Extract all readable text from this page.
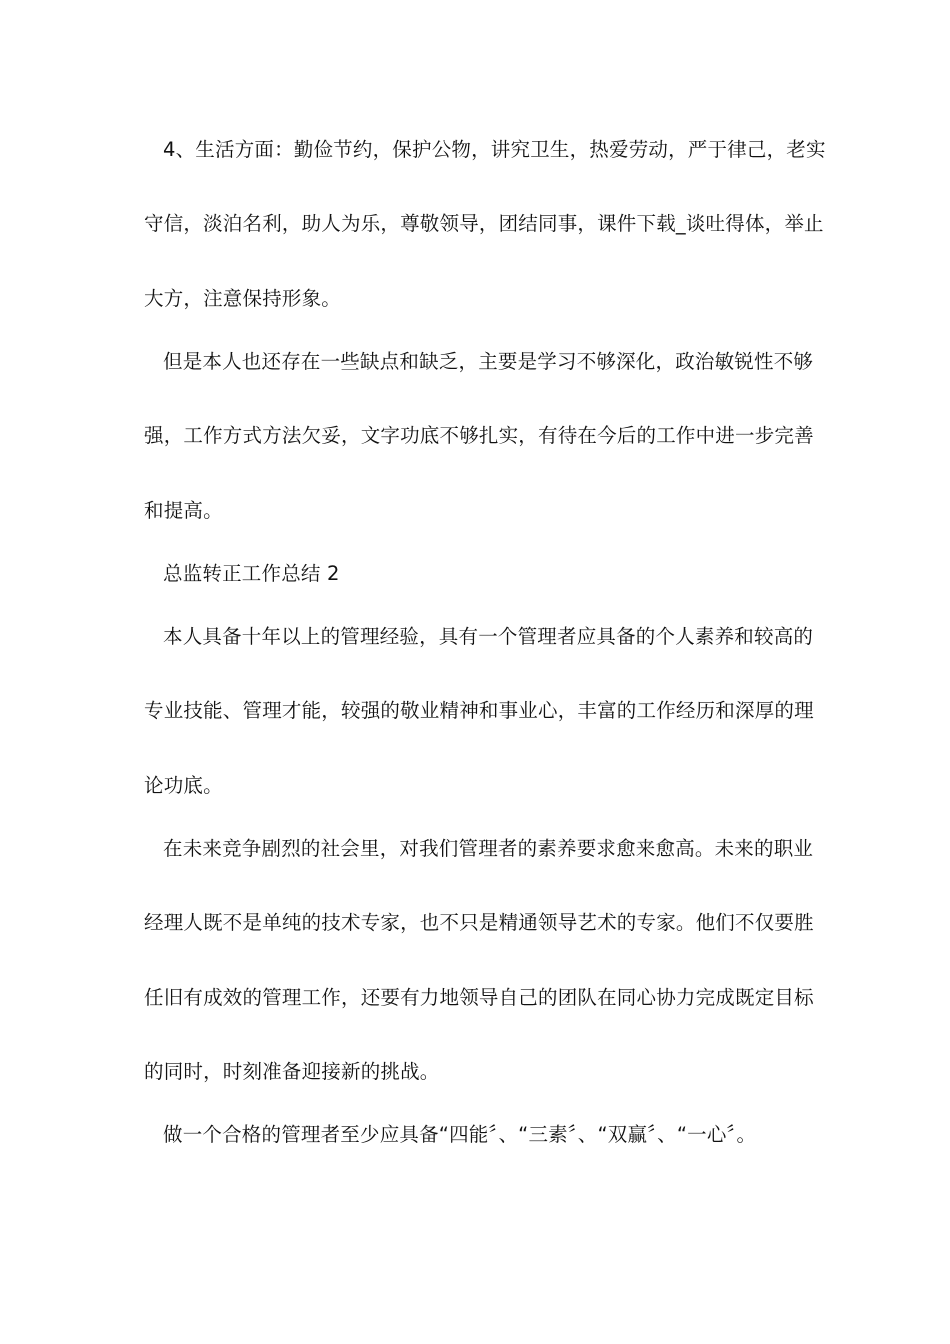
4、生活方面：勤俭节约，保护公物，讲究卫生，热爱劳动，严于律己，老实
守信，淡泊名利，助人为乐，尊敬领导，团结同事，课件下载_谈吐得体，举止
大方，注意保持形象。
但是本人也还存在一些缺点和缺乏，主要是学习不够深化，政治敏锐性不够
强，工作方式方法欠妥，文字功底不够扎实，有待在今后的工作中进一步完善
和提高。
总监转正工作总结 2
本人具备十年以上的管理经验，具有一个管理者应具备的个人素养和较高的
专业技能、管理才能，较强的敬业精神和事业心，丰富的工作经历和深厚的理
论功底。
在未来竞争剧烈的社会里，对我们管理者的素养要求愈来愈高。未来的职业
经理人既不是单纯的技术专家，也不只是精通领导艺术的专家。他们不仅要胜
任旧有成效的管理工作，还要有力地领导自己的团队在同心协力完成既定目标
的同时，时刻准备迎接新的挑战。
做一个合格的管理者至少应具备“四能〞、“三素〞、“双赢〞、“一心〞。
